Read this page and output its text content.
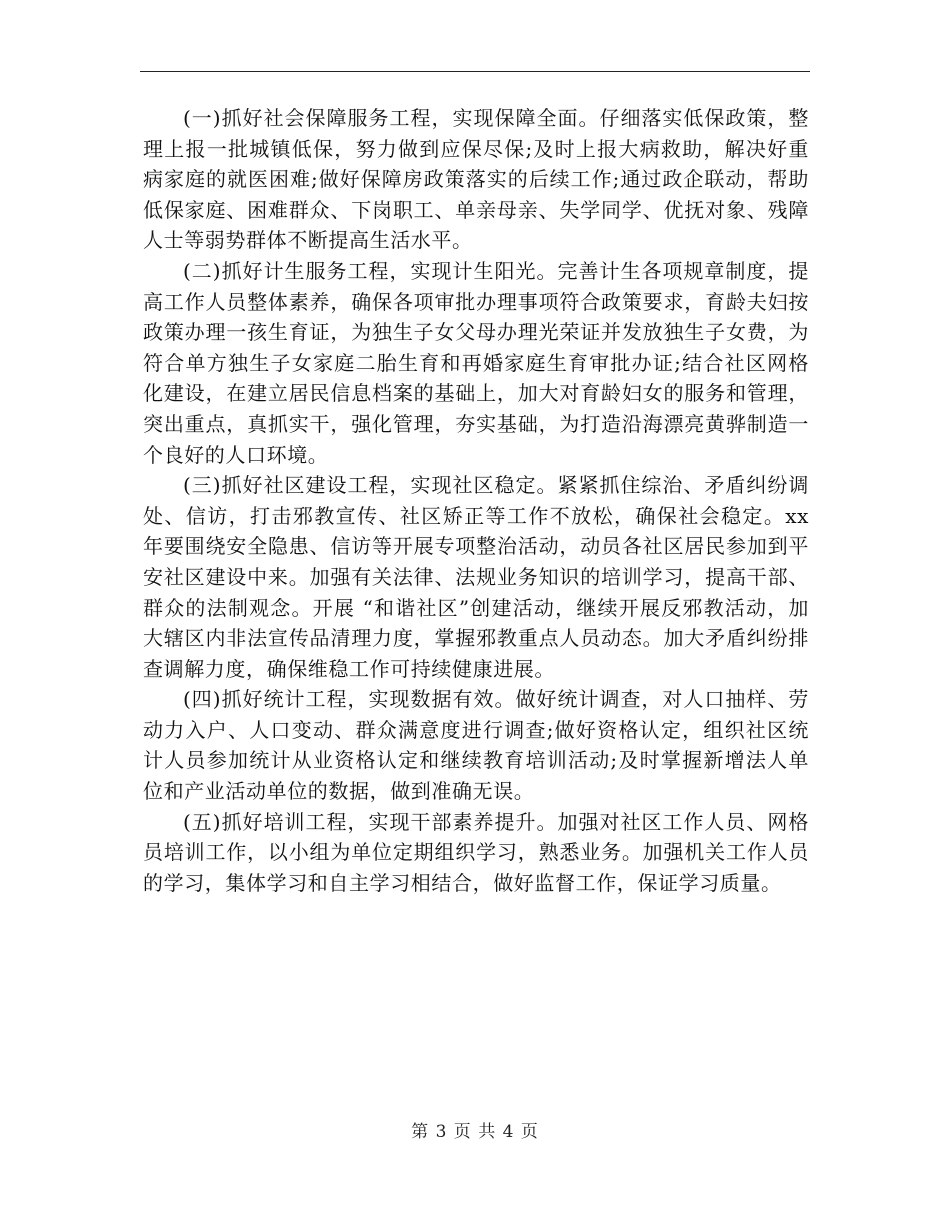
(一)抓好社会保障服务工程，实现保障全面。仔细落实低保政策，整理上报一批城镇低保，努力做到应保尽保;及时上报大病救助，解决好重病家庭的就医困难;做好保障房政策落实的后续工作;通过政企联动，帮助低保家庭、困难群众、下岗职工、单亲母亲、失学同学、优抚对象、残障人士等弱势群体不断提高生活水平。

(二)抓好计生服务工程，实现计生阳光。完善计生各项规章制度，提高工作人员整体素养，确保各项审批办理事项符合政策要求，育龄夫妇按政策办理一孩生育证，为独生子女父母办理光荣证并发放独生子女费，为符合单方独生子女家庭二胎生育和再婚家庭生育审批办证;结合社区网格化建设，在建立居民信息档案的基础上，加大对育龄妇女的服务和管理，突出重点，真抓实干，强化管理，夯实基础，为打造沿海漂亮黄骅制造一个良好的人口环境。

(三)抓好社区建设工程，实现社区稳定。紧紧抓住综治、矛盾纠纷调处、信访，打击邪教宣传、社区矫正等工作不放松，确保社会稳定。xx 年要围绕安全隐患、信访等开展专项整治活动，动员各社区居民参加到平安社区建设中来。加强有关法律、法规业务知识的培训学习，提高干部、群众的法制观念。开展 “和谐社区”创建活动，继续开展反邪教活动，加大辖区内非法宣传品清理力度，掌握邪教重点人员动态。加大矛盾纠纷排查调解力度，确保维稳工作可持续健康进展。

(四)抓好统计工程，实现数据有效。做好统计调查，对人口抽样、劳动力入户、人口变动、群众满意度进行调查;做好资格认定，组织社区统计人员参加统计从业资格认定和继续教育培训活动;及时掌握新增法人单位和产业活动单位的数据，做到准确无误。

(五)抓好培训工程，实现干部素养提升。加强对社区工作人员、网格员培训工作，以小组为单位定期组织学习，熟悉业务。加强机关工作人员的学习，集体学习和自主学习相结合，做好监督工作，保证学习质量。

第 3 页 共 4 页
